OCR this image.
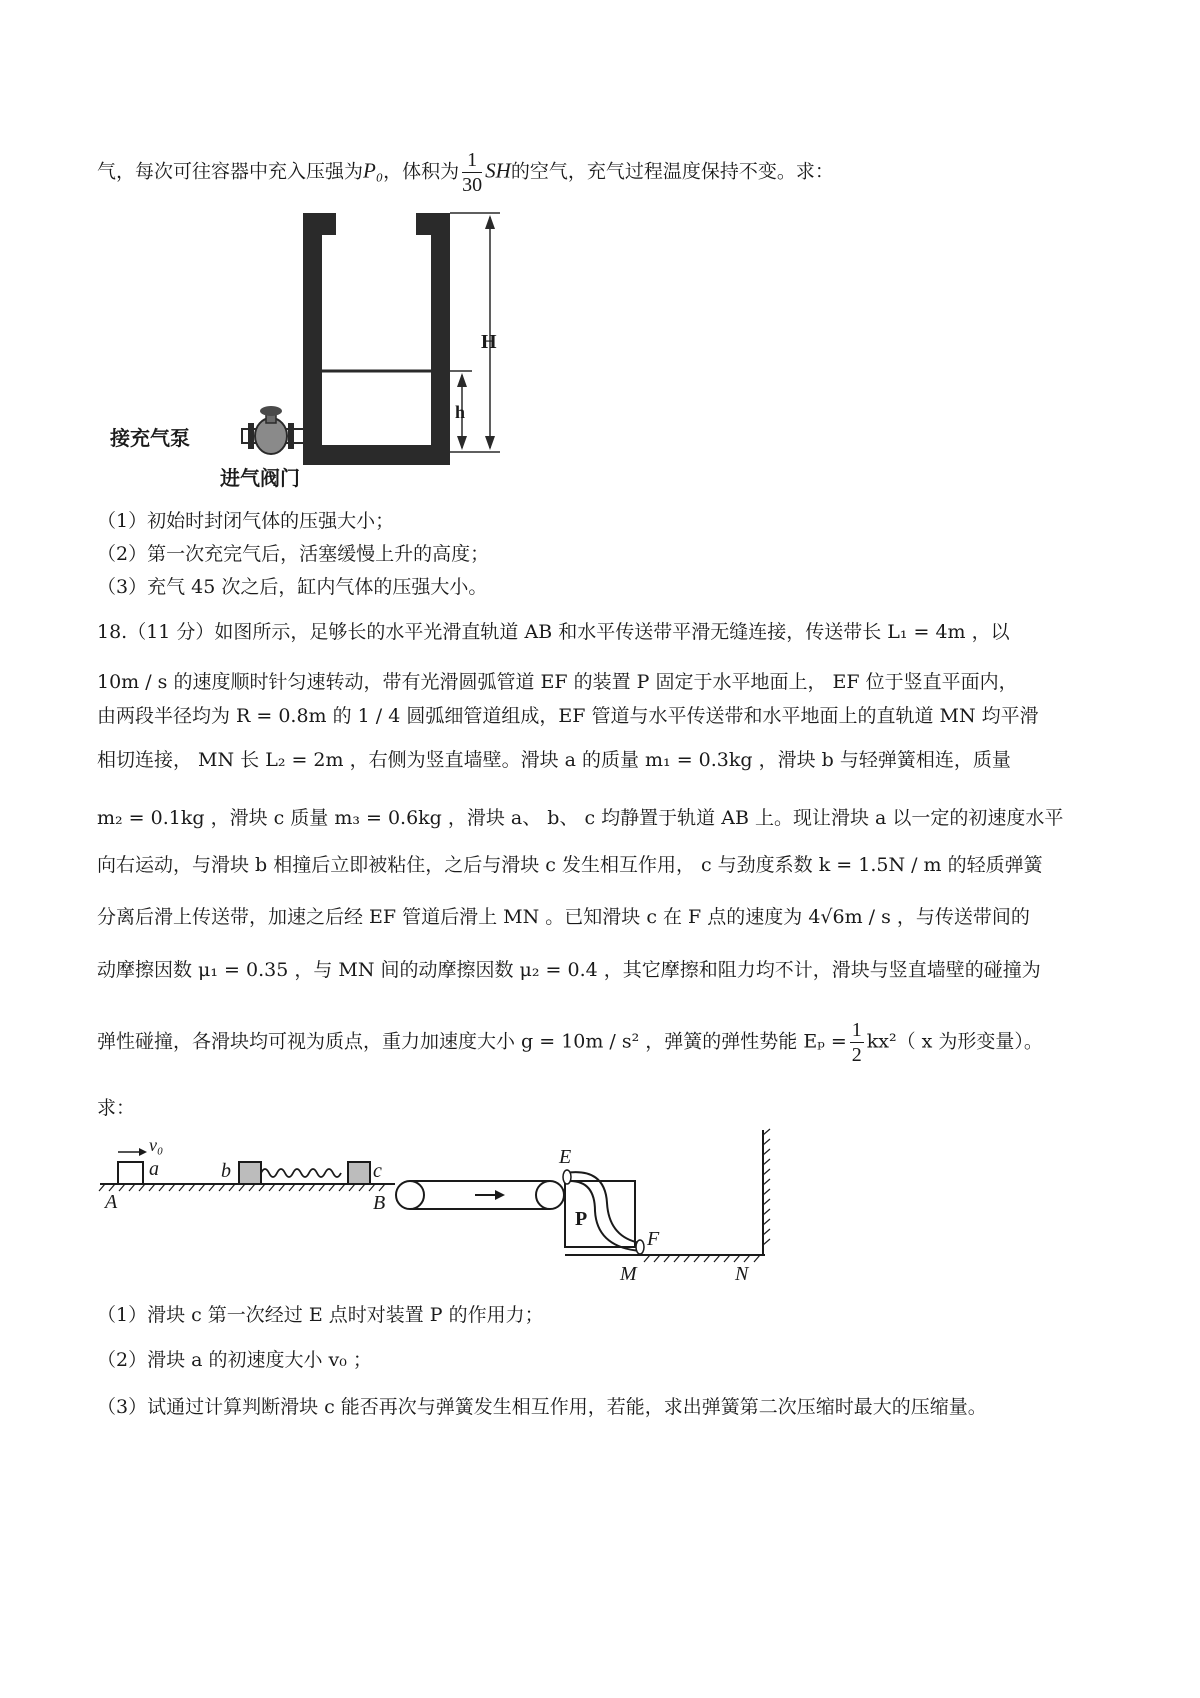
气，每次可往容器中充入压强为P₀，体积为 $\frac{1}{30}$ SH的空气，充气过程温度保持不变。求：
H
h
接充气泵
进气阀门
（1）初始时封闭气体的压强大小；
（2）第一次充完气后，活塞缓慢上升的高度；
（3）充气 45 次之后，缸内气体的压强大小。
18.（11 分）如图所示，足够长的水平光滑直轨道 AB 和水平传送带平滑无缝连接，传送带长 L₁ = 4m ，以
10m / s 的速度顺时针匀速转动，带有光滑圆弧管道 EF 的装置 P 固定于水平地面上， EF 位于竖直平面内，
由两段半径均为 R = 0.8m 的 1 / 4 圆弧细管道组成，EF 管道与水平传送带和水平地面上的直轨道 MN 均平滑
相切连接， MN 长 L₂ = 2m ，右侧为竖直墙壁。滑块 a 的质量 m₁ = 0.3kg ，滑块 b 与轻弹簧相连，质量
m₂ = 0.1kg ，滑块 c 质量 m₃ = 0.6kg ，滑块 a、 b、 c 均静置于轨道 AB 上。现让滑块 a 以一定的初速度水平
向右运动，与滑块 b 相撞后立即被粘住，之后与滑块 c 发生相互作用， c 与劲度系数 k = 1.5N / m 的轻质弹簧
分离后滑上传送带，加速之后经 EF 管道后滑上 MN 。已知滑块 c 在 F 点的速度为 4√6m / s ，与传送带间的
动摩擦因数 μ₁ = 0.35 ，与 MN 间的动摩擦因数 μ₂ = 0.4 ，其它摩擦和阻力均不计，滑块与竖直墙壁的碰撞为
弹性碰撞，各滑块均可视为质点，重力加速度大小 g = 10m / s² ，弹簧的弹性势能 $E_p = \frac{1}{2} kx^2$（ x 为形变量）。
求：
v₀
a
A
b	c
B
E
P
F
M	N
（1）滑块 c 第一次经过 E 点时对装置 P 的作用力；
（2）滑块 a 的初速度大小 v₀ ；
（3）试通过计算判断滑块 c 能否再次与弹簧发生相互作用，若能，求出弹簧第二次压缩时最大的压缩量。
